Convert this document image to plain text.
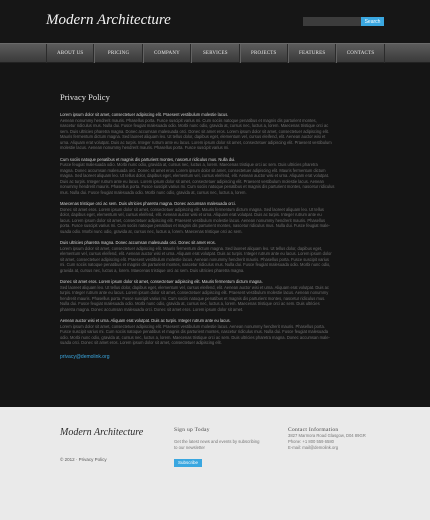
Modern Architecture	Search
ABOUT US	PRICING	COMPANY	SERVICES	PROJECTS	FEATURES	CONTACTS
Privacy Policy
Lorem ipsum dolor sit amet, consectetuer adipiscing elit. Praesent vestibulum molestie lacus.
Aenean nonummy hendrerit mauris. Phasellus porta. Fusce suscipit varius mi. Cum sociis natoque penatibus et magnis dis parturient montes,
nascetur ridiculus mus. Nulla dui. Fusce feugiat malesuada odio. Morbi nunc odio, gravida at, cursus nec, luctus a, lorem. Maecenas tristique orci ac
sem. Duis ultricies pharetra magna. Donec accumsan malesuada orci. Donec sit amet eros. Lorem ipsum dolor sit amet, consectetuer adipiscing elit.
Mauris fermentum dictum magna. Sed laoreet aliquam leo. Ut tellus dolor, dapibus eget, elementum vel, cursus eleifend, elit. Aenean auctor wisi et
urna. Aliquam erat volutpat. Duis ac turpis. Integer rutrum ante eu lacus. Lorem ipsum dolor sit amet, consectetuer adipiscing elit. Praesent vestibulum
molestie lacus. Aenean nonummy hendrerit mauris. Phasellus porta. Fusce suscipit varius mi.
Cum sociis natoque penatibus et magnis dis parturient montes, nascetur ridiculus mus. Nulla dui.
Fusce feugiat malesuada odio. Morbi nunc odio, gravida at, cursus nec, luctus a, lorem. Maecenas tristique orci ac sem. Duis ultricies pharetra
magna. Donec accumsan malesuada orci. Donec sit amet eros. Lorem ipsum dolor sit amet, consectetuer adipiscing elit. Mauris fermentum dictum
magna. Sed laoreet aliquam leo. Ut tellus dolor, dapibus eget, elementum vel, cursus eleifend, elit. Aenean auctor wisi et urna. Aliquam erat volutpat.
Duis ac turpis. Integer rutrum ante eu lacus. Lorem ipsum dolor sit amet, consectetuer adipiscing elit. Praesent vestibulum molestie lacus. Aenean
nonummy hendrerit mauris. Phasellus porta. Fusce suscipit varius mi. Cum sociis natoque penatibus et magnis dis parturient montes, nascetur ridiculus
mus. Nulla dui. Fusce feugiat malesuada odio. Morbi nunc odio, gravida at, cursus nec, luctus a, lorem.
Maecenas tristique orci ac sem. Duis ultricies pharetra magna. Donec accumsan malesuada orci.
Donec sit amet eros. Lorem ipsum dolor sit amet, consectetuer adipiscing elit. Mauris fermentum dictum magna. Sed laoreet aliquam leo. Ut tellus
dolor, dapibus eget, elementum vel, cursus eleifend, elit. Aenean auctor wisi et urna. Aliquam erat volutpat. Duis ac turpis. Integer rutrum ante eu
lacus. Lorem ipsum dolor sit amet, consectetuer adipiscing elit. Praesent vestibulum molestie lacus. Aenean nonummy hendrerit mauris. Phasellus
porta. Fusce suscipit varius mi. Cum sociis natoque penatibus et magnis dis parturient montes, nascetur ridiculus mus. Nulla dui. Fusce feugiat male-
suada odio. Morbi nunc odio, gravida at, cursus nec, luctus a, lorem. Maecenas tristique orci ac sem.
Duis ultricies pharetra magna. Donec accumsan malesuada orci. Donec sit amet eros.
Lorem ipsum dolor sit amet, consectetuer adipiscing elit. Mauris fermentum dictum magna. Sed laoreet aliquam leo. Ut tellus dolor, dapibus eget,
elementum vel, cursus eleifend, elit. Aenean auctor wisi et urna. Aliquam erat volutpat. Duis ac turpis. Integer rutrum ante eu lacus. Lorem ipsum dolor
sit amet, consectetuer adipiscing elit. Praesent vestibulum molestie lacus. Aenean nonummy hendrerit mauris. Phasellus porta. Fusce suscipit varius
mi. Cum sociis natoque penatibus et magnis dis parturient montes, nascetur ridiculus mus. Nulla dui. Fusce feugiat malesuada odio. Morbi nunc odio,
gravida at, cursus nec, luctus a, lorem. Maecenas tristique orci ac sem. Duis ultricies pharetra magna.
Donec sit amet eros. Lorem ipsum dolor sit amet, consectetuer adipiscing elit. Mauris fermentum dictum magna.
Sed laoreet aliquam leo. Ut tellus dolor, dapibus eget, elementum vel, cursus eleifend, elit. Aenean auctor wisi et urna. Aliquam erat volutpat. Duis ac
turpis. Integer rutrum ante eu lacus. Lorem ipsum dolor sit amet, consectetuer adipiscing elit. Praesent vestibulum molestie lacus. Aenean nonummy
hendrerit mauris. Phasellus porta. Fusce suscipit varius mi. Cum sociis natoque penatibus et magnis dis parturient montes, nascetur ridiculus mus.
Nulla dui. Fusce feugiat malesuada odio. Morbi nunc odio, gravida at, cursus nec, luctus a, lorem. Maecenas tristique orci ac sem. Duis ultricies
pharetra magna. Donec accumsan malesuada orci. Donec sit amet eros. Lorem ipsum dolor sit amet.
Aenean auctor wisi et urna. Aliquam erat volutpat. Duis ac turpis. Integer rutrum ante eu lacus.
Lorem ipsum dolor sit amet, consectetuer adipiscing elit. Praesent vestibulum molestie lacus. Aenean nonummy hendrerit mauris. Phasellus porta.
Fusce suscipit varius mi. Cum sociis natoque penatibus et magnis dis parturient montes, nascetur ridiculus mus. Nulla dui. Fusce feugiat malesuada
odio. Morbi nunc odio, gravida at, cursus nec, luctus a, lorem. Maecenas tristique orci ac sem. Duis ultricies pharetra magna. Donec accumsan male-
suada orci. Donec sit amet eros. Lorem ipsum dolor sit amet, consectetuer adipiscing elit.
privacy@demolink.org
Modern Architecture
© 2012 · Privacy Policy
Sign up Today
Get the latest news and events by subscribing
to our newsletter
Subscribe
Contact Information
3827 Marmora Road Glasgow, D04 89GR
Phone: +1 800 559 6580
E-mail: mail@demolink.org
